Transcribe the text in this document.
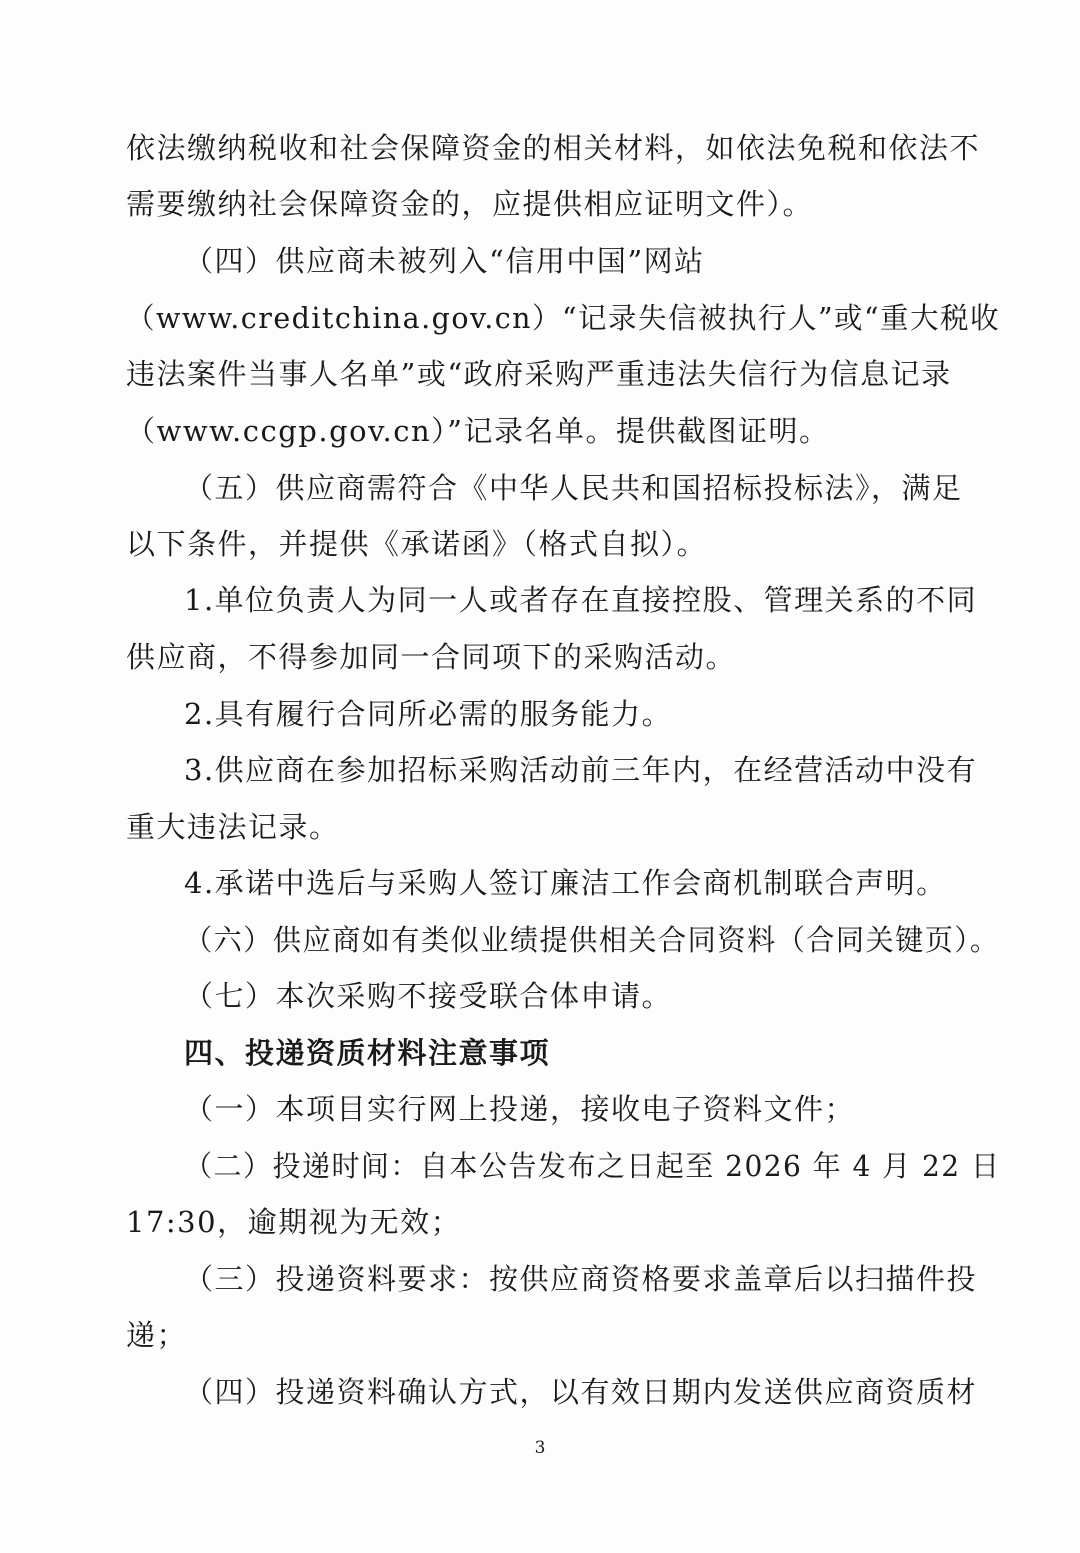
依法缴纳税收和社会保障资金的相关材料，如依法免税和依法不
需要缴纳社会保障资金的，应提供相应证明文件）。
（四）供应商未被列入“信用中国”网站
（www.creditchina.gov.cn）“记录失信被执行人”或“重大税收
违法案件当事人名单”或“政府采购严重违法失信行为信息记录
（www.ccgp.gov.cn）”记录名单。提供截图证明。
（五）供应商需符合《中华人民共和国招标投标法》，满足
以下条件，并提供《承诺函》（格式自拟）。
1.单位负责人为同一人或者存在直接控股、管理关系的不同
供应商，不得参加同一合同项下的采购活动。
2.具有履行合同所必需的服务能力。
3.供应商在参加招标采购活动前三年内，在经营活动中没有
重大违法记录。
4.承诺中选后与采购人签订廉洁工作会商机制联合声明。
（六）供应商如有类似业绩提供相关合同资料（合同关键页）。
（七）本次采购不接受联合体申请。
四、投递资质材料注意事项
（一）本项目实行网上投递，接收电子资料文件；
（二）投递时间：自本公告发布之日起至 2026 年 4 月 22 日
17:30，逾期视为无效；
（三）投递资料要求：按供应商资格要求盖章后以扫描件投
递；
（四）投递资料确认方式，以有效日期内发送供应商资质材
3
